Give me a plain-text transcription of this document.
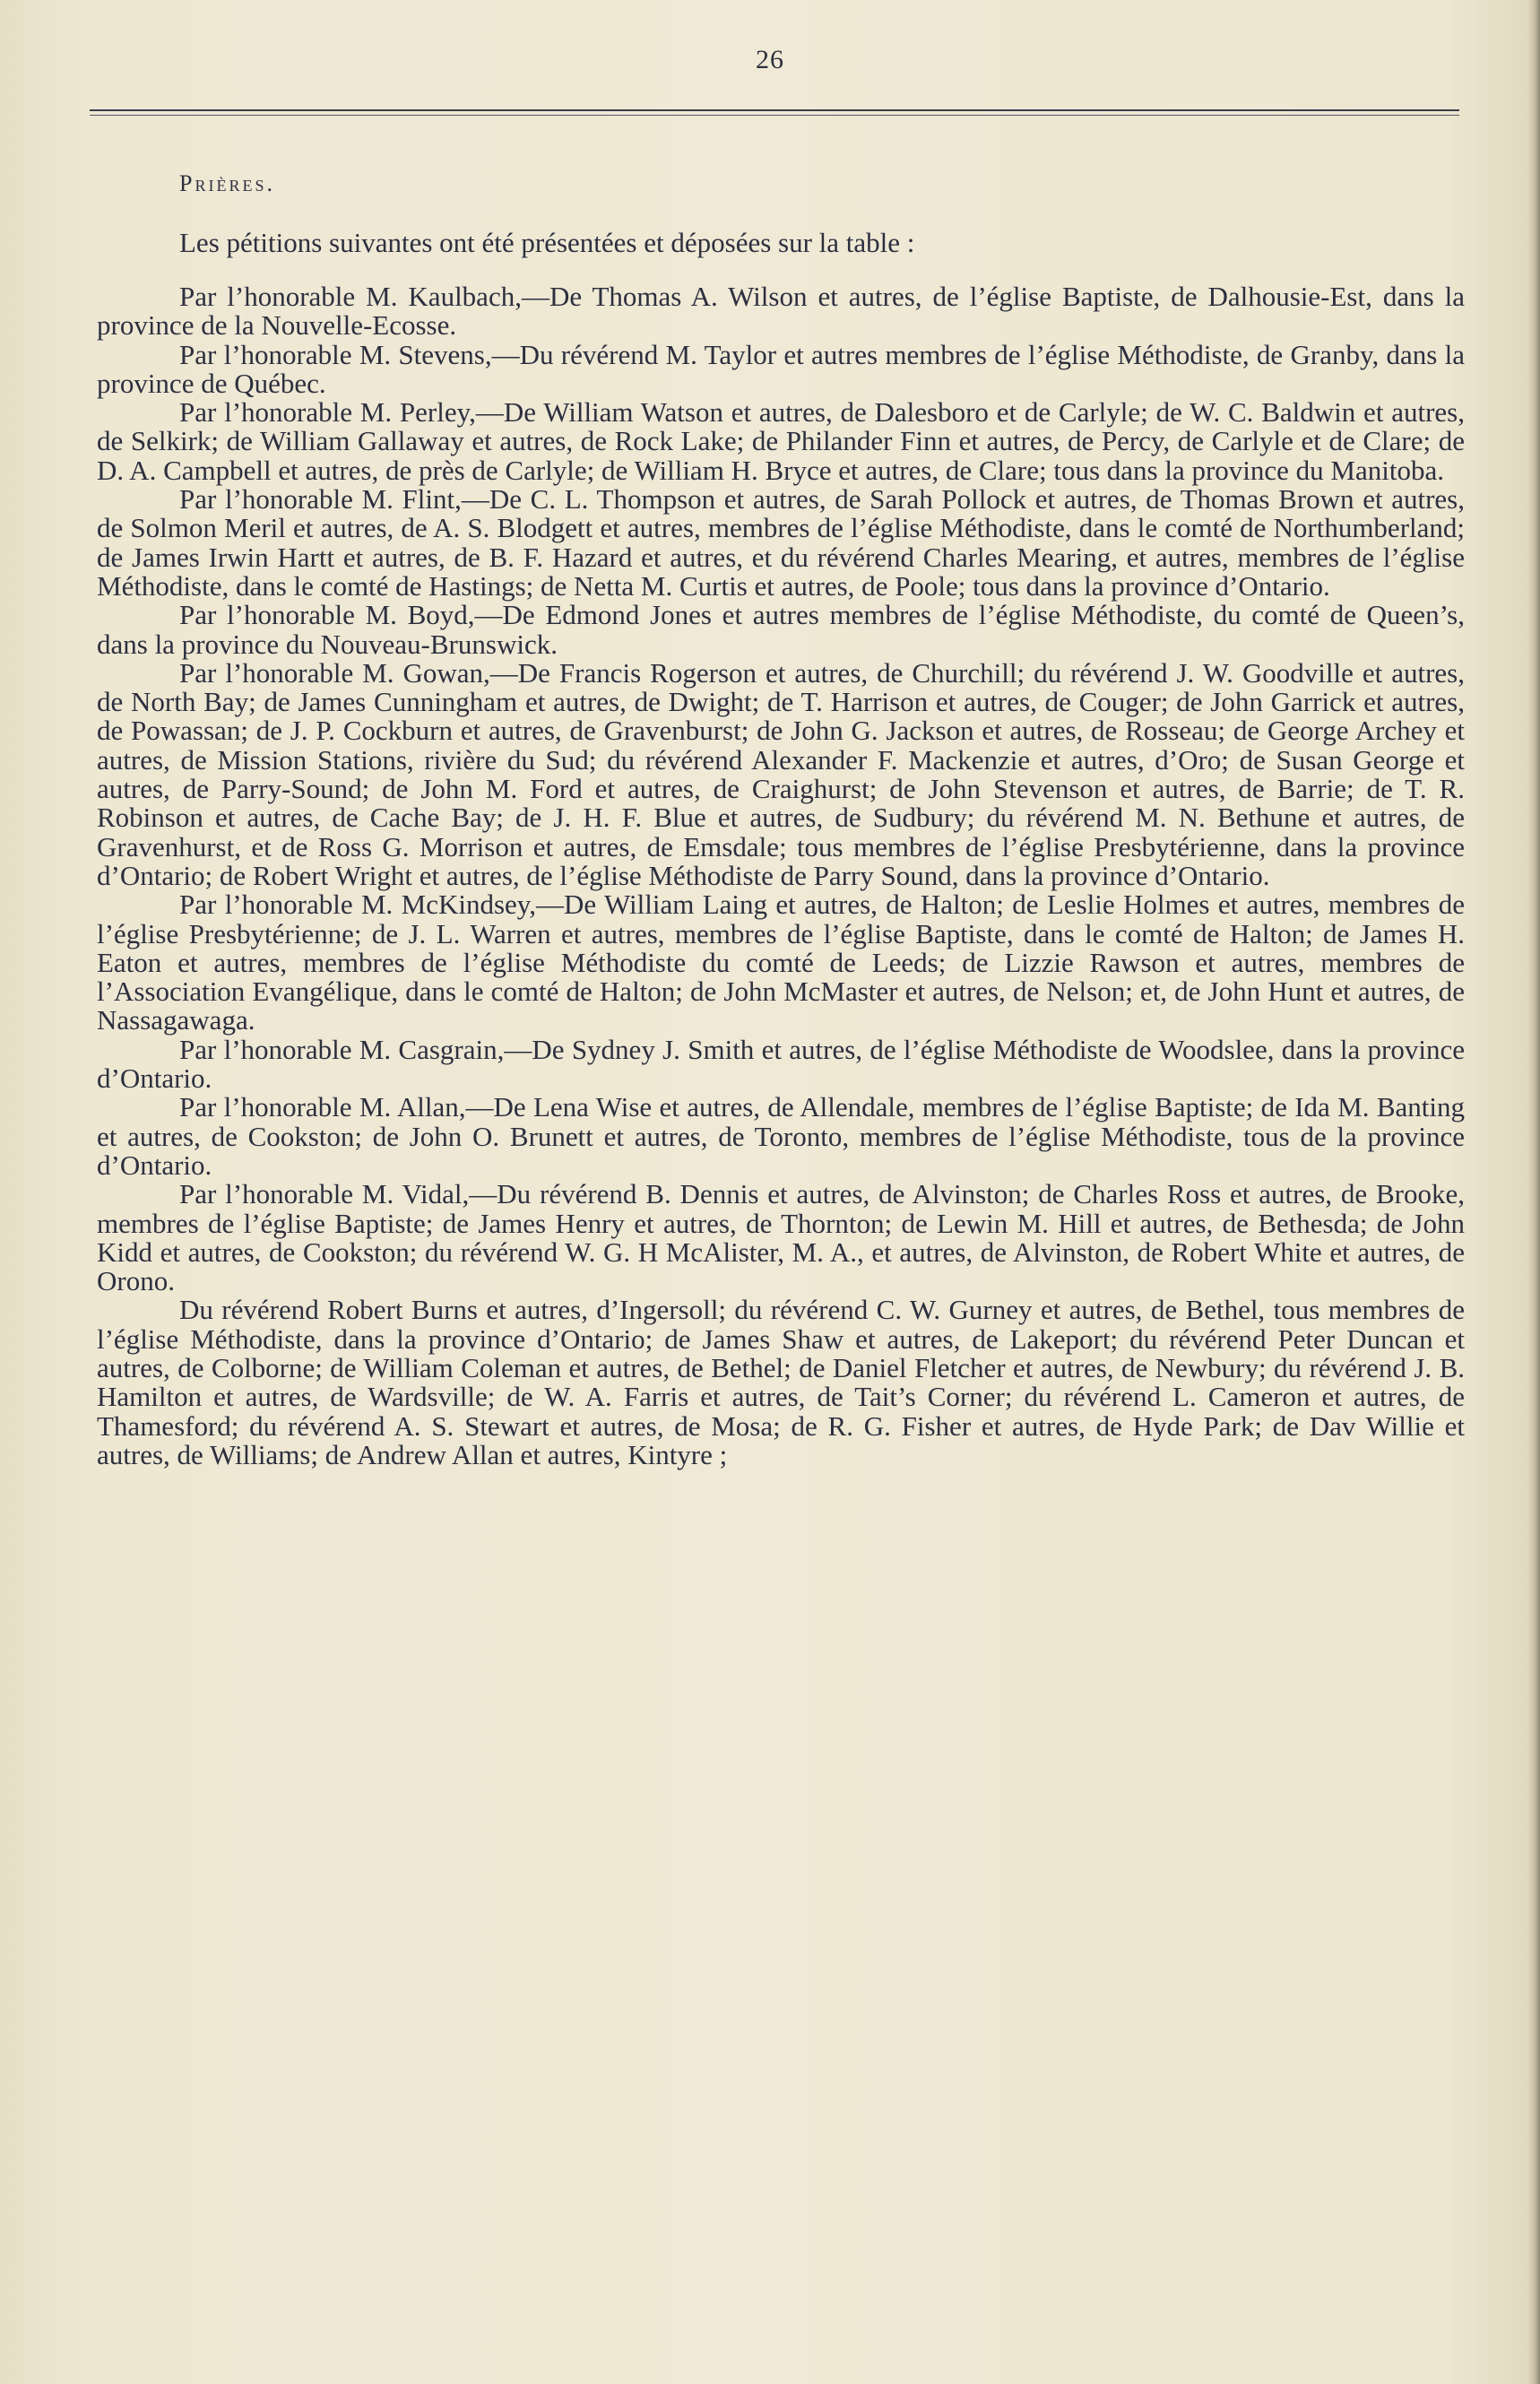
26
Prières.
Les pétitions suivantes ont été présentées et déposées sur la table :

Par l’honorable M. Kaulbach,—De Thomas A. Wilson et autres, de l’église Baptiste, de Dalhousie-Est, dans la province de la Nouvelle-Ecosse.

Par l’honorable M. Stevens,—Du révérend M. Taylor et autres membres de l’église Méthodiste, de Granby, dans la province de Québec.

Par l’honorable M. Perley,—De William Watson et autres, de Dalesboro et de Carlyle; de W. C. Baldwin et autres, de Selkirk; de William Gallaway et autres, de Rock Lake; de Philander Finn et autres, de Percy, de Carlyle et de Clare; de D. A. Campbell et autres, de près de Carlyle; de William H. Bryce et autres, de Clare; tous dans la province du Manitoba.

Par l’honorable M. Flint,—De C. L. Thompson et autres, de Sarah Pollock et autres, de Thomas Brown et autres, de Solmon Meril et autres, de A. S. Blodgett et autres, membres de l’église Méthodiste, dans le comté de Northumberland; de James Irwin Hartt et autres, de B. F. Hazard et autres, et du révérend Charles Mearing, et autres, membres de l’église Méthodiste, dans le comté de Hastings; de Netta M. Curtis et autres, de Poole; tous dans la province d’Ontario.

Par l’honorable M. Boyd,—De Edmond Jones et autres membres de l’église Méthodiste, du comté de Queen’s, dans la province du Nouveau-Brunswick.

Par l’honorable M. Gowan,—De Francis Rogerson et autres, de Churchill; du révérend J. W. Goodville et autres, de North Bay; de James Cunningham et autres, de Dwight; de T. Harrison et autres, de Couger; de John Garrick et autres, de Powassan; de J. P. Cockburn et autres, de Gravenburst; de John G. Jackson et autres, de Rosseau; de George Archey et autres, de Mission Stations, rivière du Sud; du révérend Alexander F. Mackenzie et autres, d’Oro; de Susan George et autres, de Parry-Sound; de John M. Ford et autres, de Craighurst; de John Stevenson et autres, de Barrie; de T. R. Robinson et autres, de Cache Bay; de J. H. F. Blue et autres, de Sudbury; du révérend M. N. Bethune et autres, de Gravenhurst, et de Ross G. Morrison et autres, de Emsdale; tous membres de l’église Presbytérienne, dans la province d’Ontario; de Robert Wright et autres, de l’église Méthodiste de Parry Sound, dans la province d’Ontario.

Par l’honorable M. McKindsey,—De William Laing et autres, de Halton; de Leslie Holmes et autres, membres de l’église Presbytérienne; de J. L. Warren et autres, membres de l’église Baptiste, dans le comté de Halton; de James H. Eaton et autres, membres de l’église Méthodiste du comté de Leeds; de Lizzie Rawson et autres, membres de l’Association Evangélique, dans le comté de Halton; de John McMaster et autres, de Nelson; et, de John Hunt et autres, de Nassagawaga.

Par l’honorable M. Casgrain,—De Sydney J. Smith et autres, de l’église Méthodiste de Woodslee, dans la province d’Ontario.

Par l’honorable M. Allan,—De Lena Wise et autres, de Allendale, membres de l’église Baptiste; de Ida M. Banting et autres, de Cookston; de John O. Brunett et autres, de Toronto, membres de l’église Méthodiste, tous de la province d’Ontario.

Par l’honorable M. Vidal,—Du révérend B. Dennis et autres, de Alvinston; de Charles Ross et autres, de Brooke, membres de l’église Baptiste; de James Henry et autres, de Thornton; de Lewin M. Hill et autres, de Bethesda; de John Kidd et autres, de Cookston; du révérend W. G. H McAlister, M. A., et autres, de Alvinston, de Robert White et autres, de Orono.

Du révérend Robert Burns et autres, d’Ingersoll; du révérend C. W. Gurney et autres, de Bethel, tous membres de l’église Méthodiste, dans la province d’Ontario; de James Shaw et autres, de Lakeport; du révérend Peter Duncan et autres, de Colborne; de William Coleman et autres, de Bethel; de Daniel Fletcher et autres, de Newbury; du révérend J. B. Hamilton et autres, de Wardsville; de W. A. Farris et autres, de Tait’s Corner; du révérend L. Cameron et autres, de Thamesford; du révérend A. S. Stewart et autres, de Mosa; de R. G. Fisher et autres, de Hyde Park; de Dav Willie et autres, de Williams; de Andrew Allan et autres, Kintyre ;
